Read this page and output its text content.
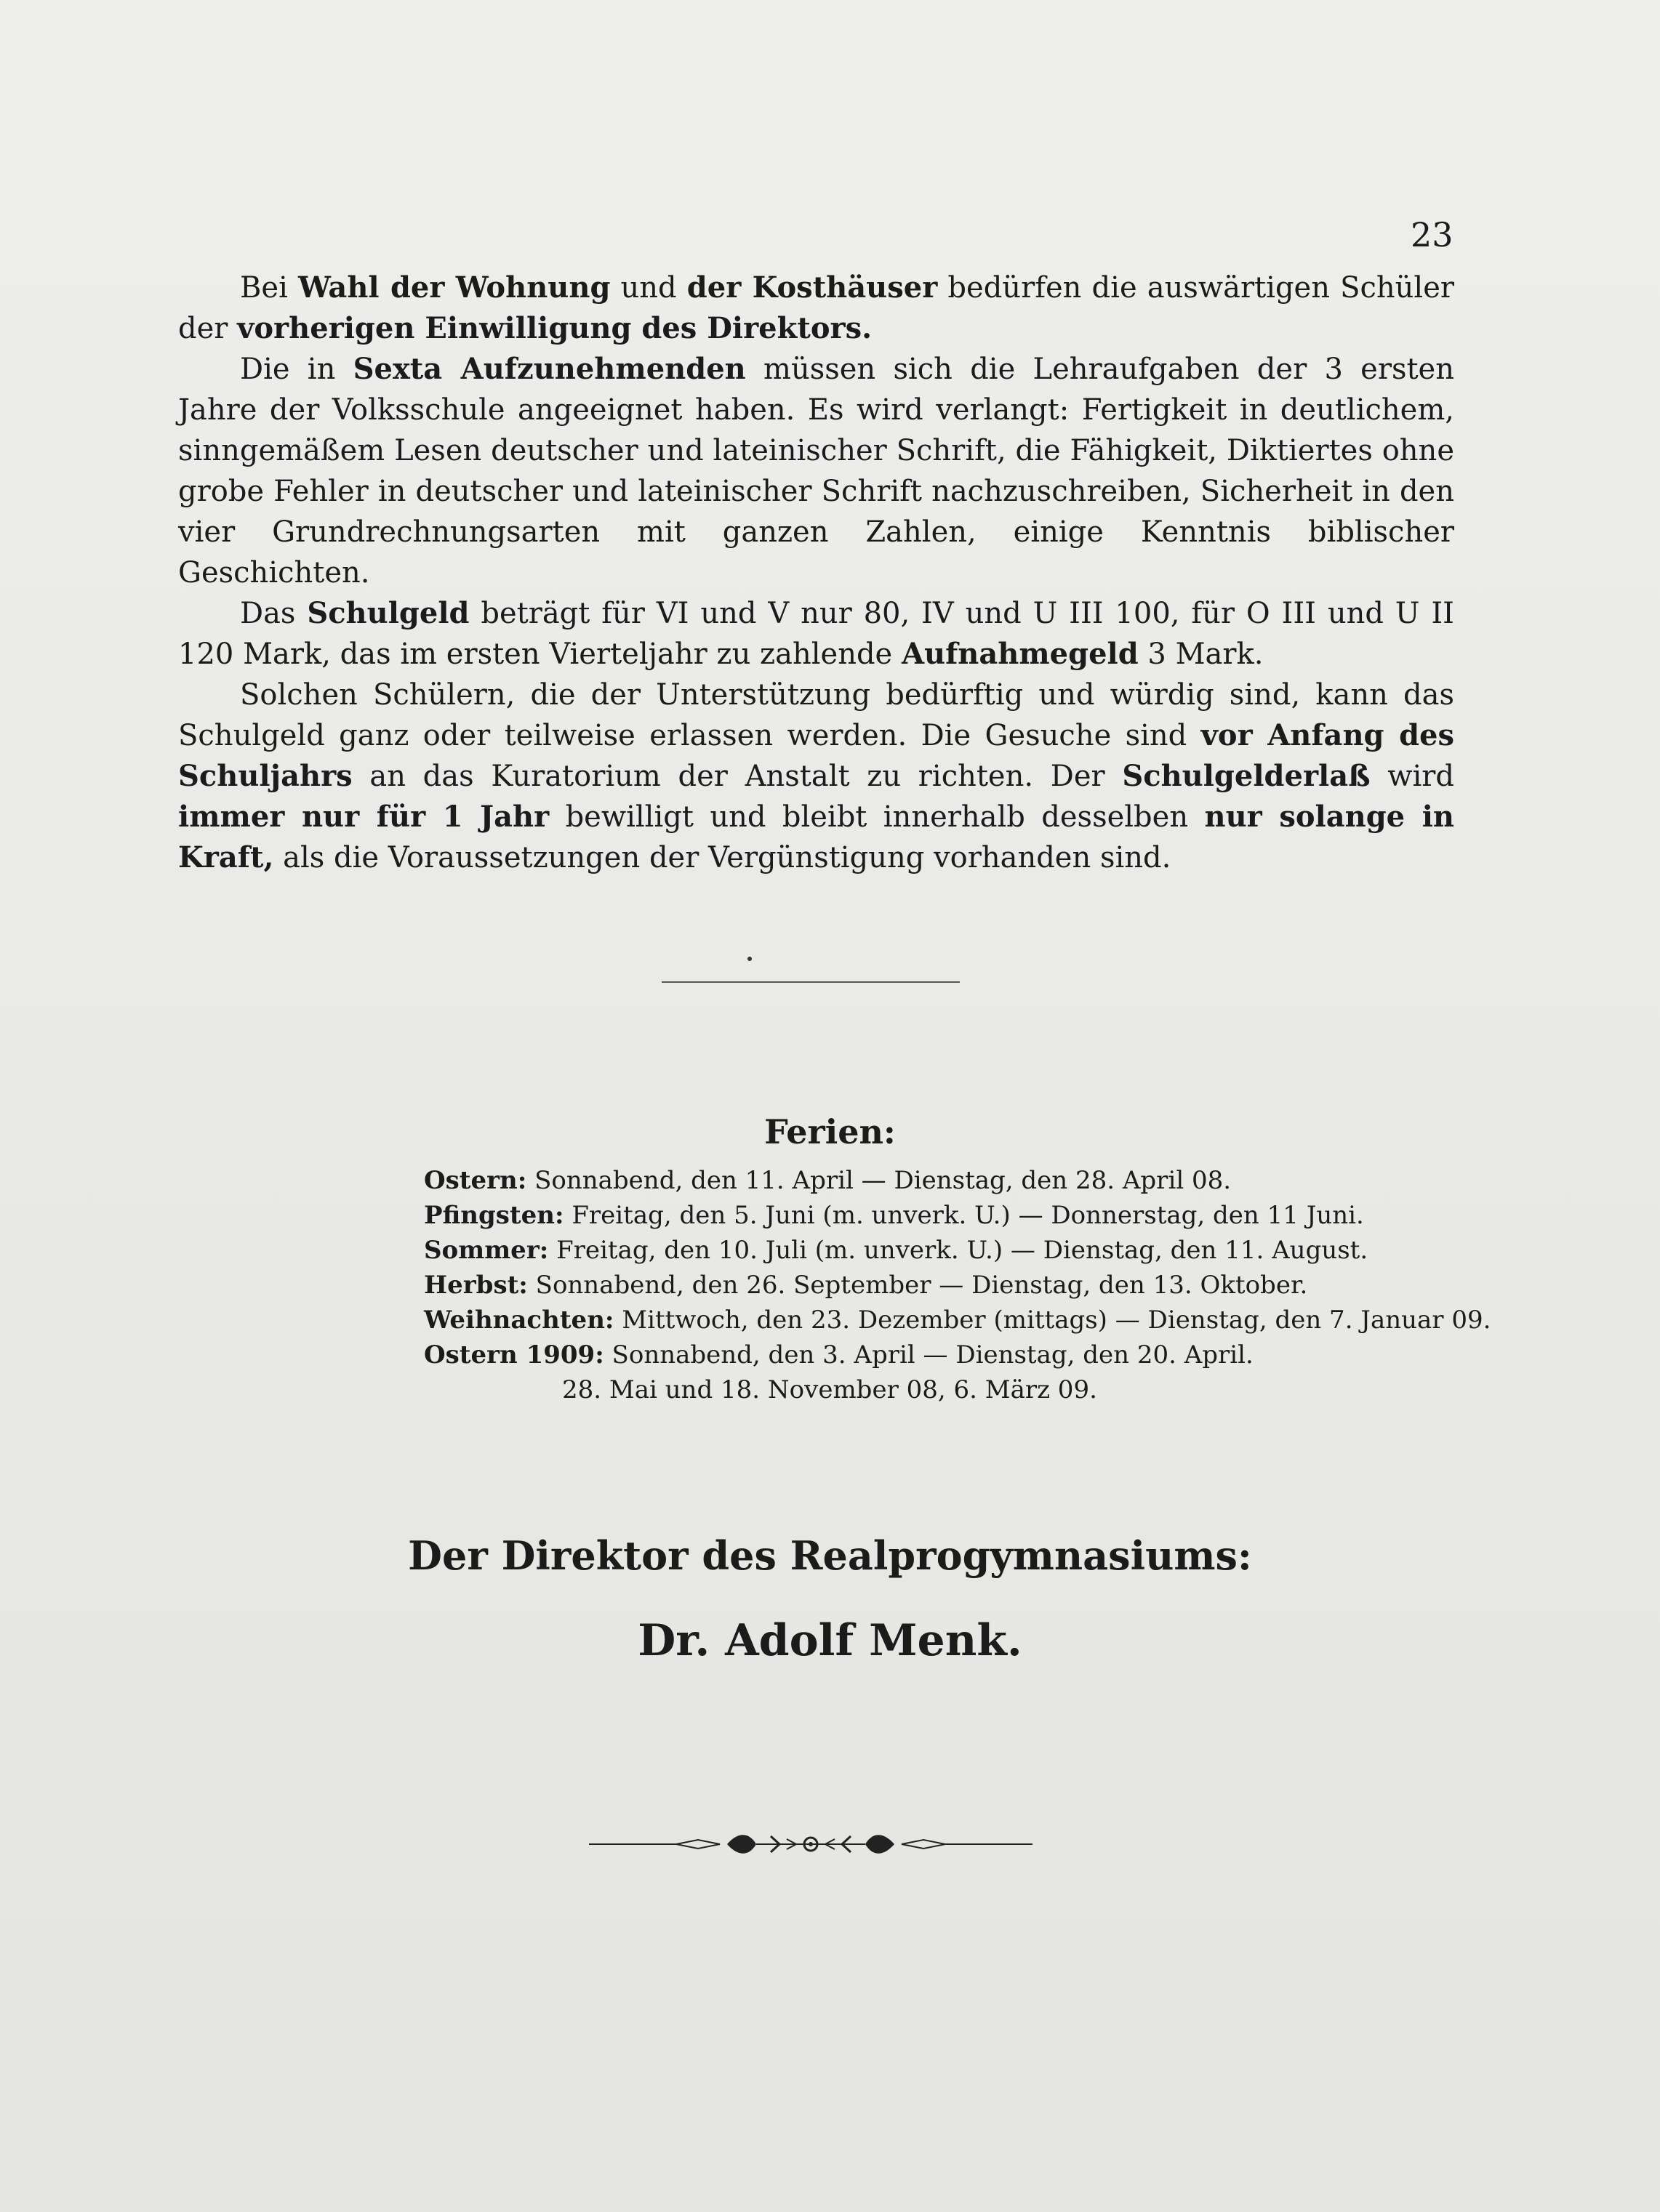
23

Bei Wahl der Wohnung und der Kosthäuser bedürfen die auswärtigen Schüler der vorherigen Einwilligung des Direktors.

Die in Sexta Aufzunehmenden müssen sich die Lehraufgaben der 3 ersten Jahre der Volksschule angeeignet haben. Es wird verlangt: Fertigkeit in deutlichem, sinngemäßem Lesen deutscher und lateinischer Schrift, die Fähigkeit, Diktiertes ohne grobe Fehler in deutscher und lateinischer Schrift nachzuschreiben, Sicherheit in den vier Grundrechnungsarten mit ganzen Zahlen, einige Kenntnis biblischer Geschichten.

Das Schulgeld beträgt für VI und V nur 80, IV und U III 100, für O III und U II 120 Mark, das im ersten Vierteljahr zu zahlende Aufnahmegeld 3 Mark.

Solchen Schülern, die der Unterstützung bedürftig und würdig sind, kann das Schulgeld ganz oder teilweise erlassen werden. Die Gesuche sind vor Anfang des Schuljahrs an das Kuratorium der Anstalt zu richten. Der Schulgelderlaß wird immer nur für 1 Jahr bewilligt und bleibt innerhalb desselben nur solange in Kraft, als die Voraussetzungen der Vergünstigung vorhanden sind.

Ferien:
Ostern: Sonnabend, den 11. April — Dienstag, den 28. April 08.
Pfingsten: Freitag, den 5. Juni (m. unverk. U.) — Donnerstag, den 11 Juni.
Sommer: Freitag, den 10. Juli (m. unverk. U.) — Dienstag, den 11. August.
Herbst: Sonnabend, den 26. September — Dienstag, den 13. Oktober.
Weihnachten: Mittwoch, den 23. Dezember (mittags) — Dienstag, den 7. Januar 09.
Ostern 1909: Sonnabend, den 3. April — Dienstag, den 20. April.
28. Mai und 18. November 08, 6. März 09.
Der Direktor des Realprogymnasiums:
Dr. Adolf Menk.
